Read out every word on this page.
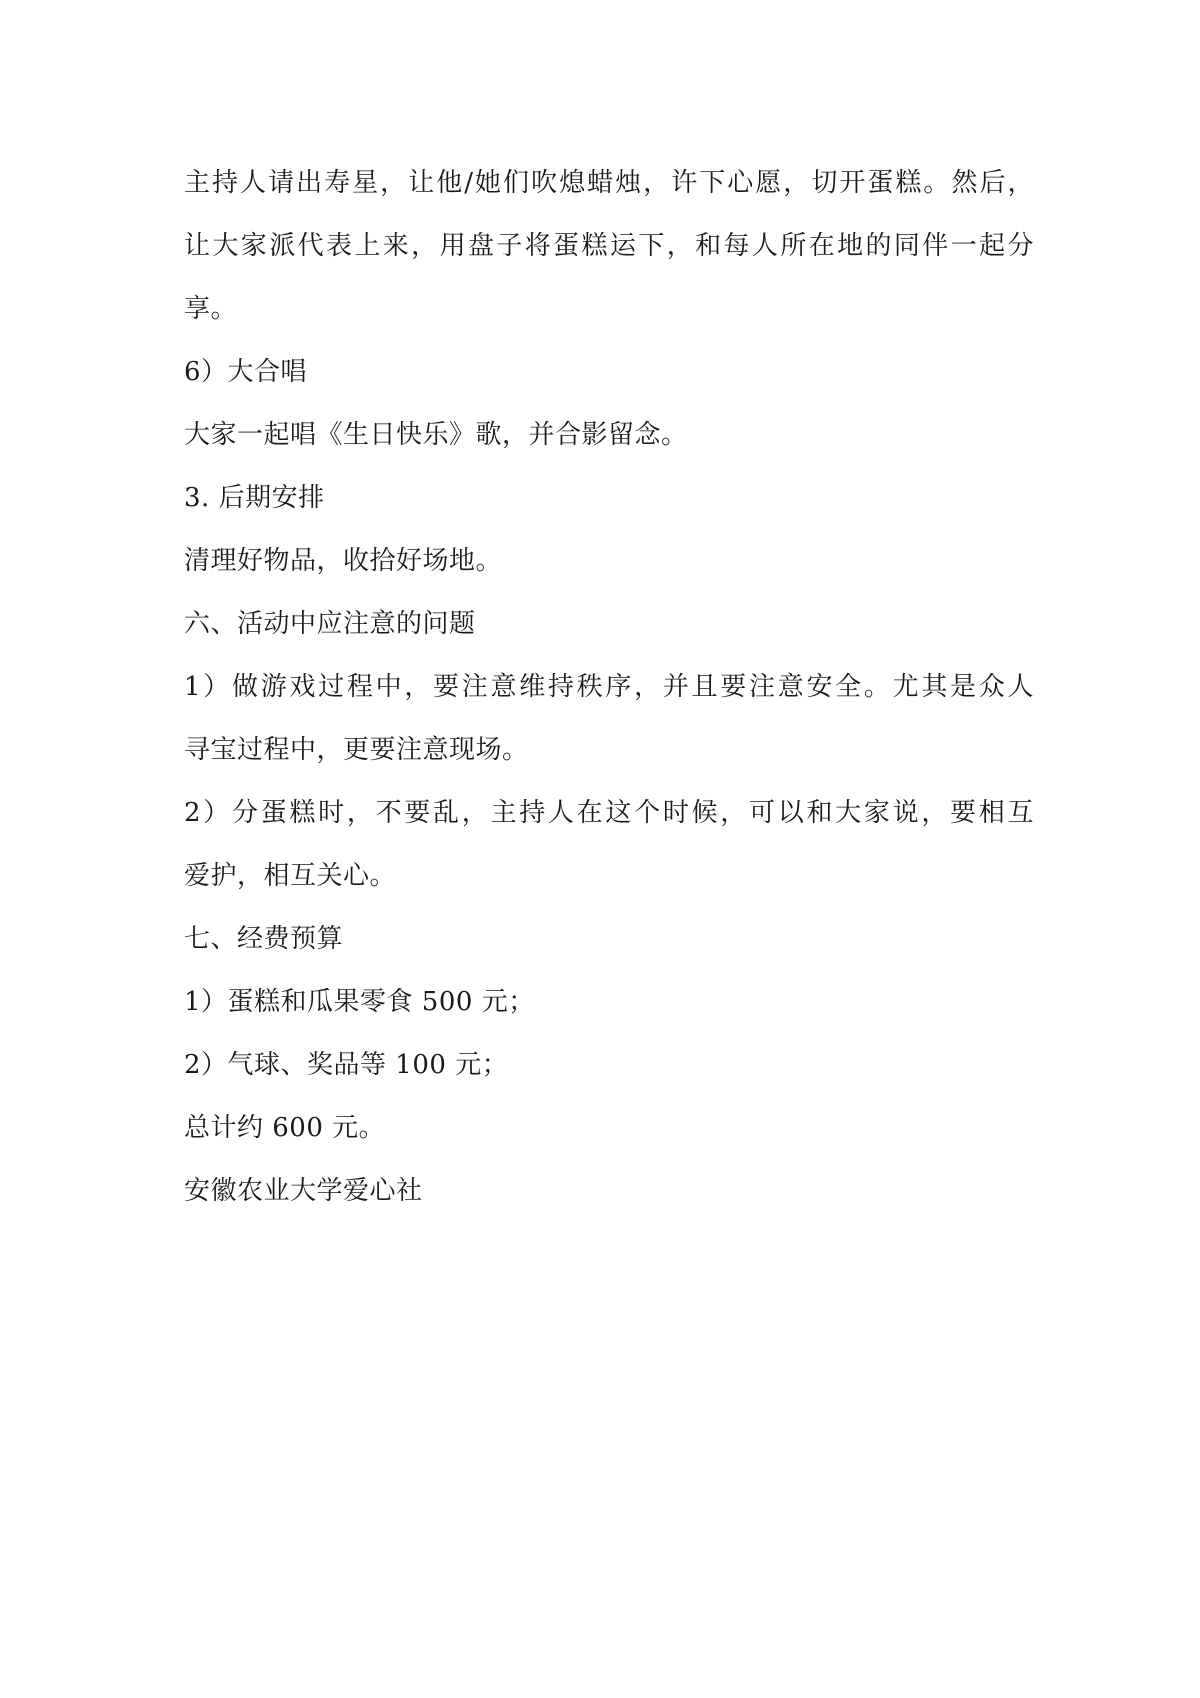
主持人请出寿星，让他/她们吹熄蜡烛，许下心愿，切开蛋糕。然后，
让大家派代表上来，用盘子将蛋糕运下，和每人所在地的同伴一起分
享。
6）大合唱
大家一起唱《生日快乐》歌，并合影留念。
3. 后期安排
清理好物品，收拾好场地。
六、活动中应注意的问题
1）做游戏过程中，要注意维持秩序，并且要注意安全。尤其是众人
寻宝过程中，更要注意现场。
2）分蛋糕时，不要乱，主持人在这个时候，可以和大家说，要相互
爱护，相互关心。
七、经费预算
1）蛋糕和瓜果零食 500 元；
2）气球、奖品等 100 元；
总计约 600 元。
安徽农业大学爱心社
